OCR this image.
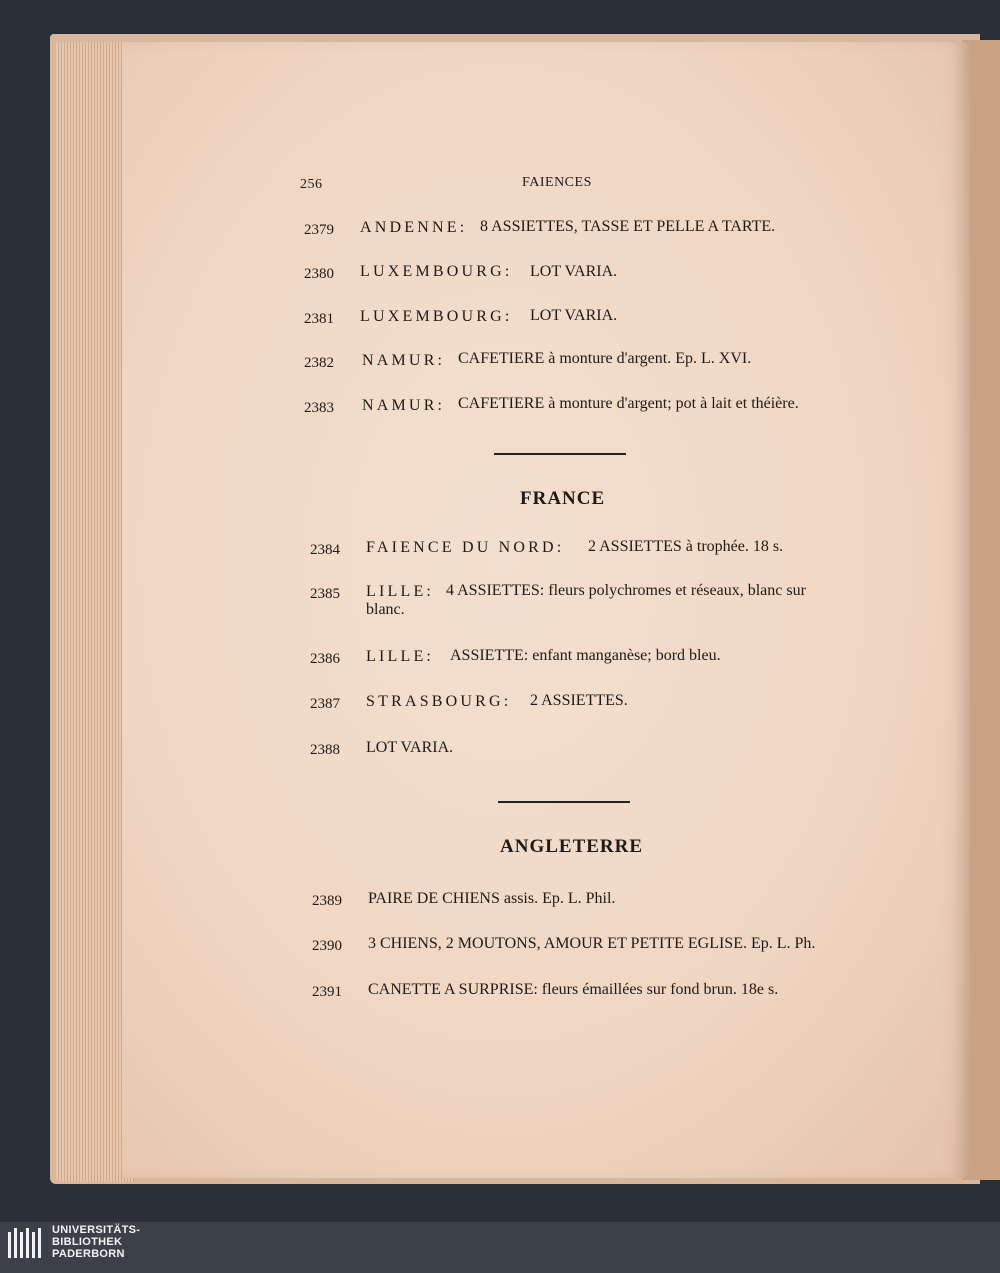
256	FAIENCES
2379 ANDENNE: 8 ASSIETTES, TASSE ET PELLE A TARTE.
2380 LUXEMBOURG: LOT VARIA.
2381 LUXEMBOURG: LOT VARIA.
2382 NAMUR: CAFETIERE à monture d'argent. Ep. L. XVI.
2383 NAMUR: CAFETIERE à monture d'argent; pot à lait et théière.
FRANCE
2384 FAIENCE DU NORD: 2 ASSIETTES à trophée. 18 s.
2385 LILLE: 4 ASSIETTES: fleurs polychromes et réseaux, blanc sur
blanc.
2386 LILLE: ASSIETTE: enfant manganèse; bord bleu.
2387 STRASBOURG: 2 ASSIETTES.
2388 LOT VARIA.
ANGLETERRE
2389 PAIRE DE CHIENS assis. Ep. L. Phil.
2390 3 CHIENS, 2 MOUTONS, AMOUR ET PETITE EGLISE. Ep. L. Ph.
2391 CANETTE A SURPRISE: fleurs émaillées sur fond brun. 18e s.
UNIVERSITÄTS-
BIBLIOTHEK
PADERBORN
